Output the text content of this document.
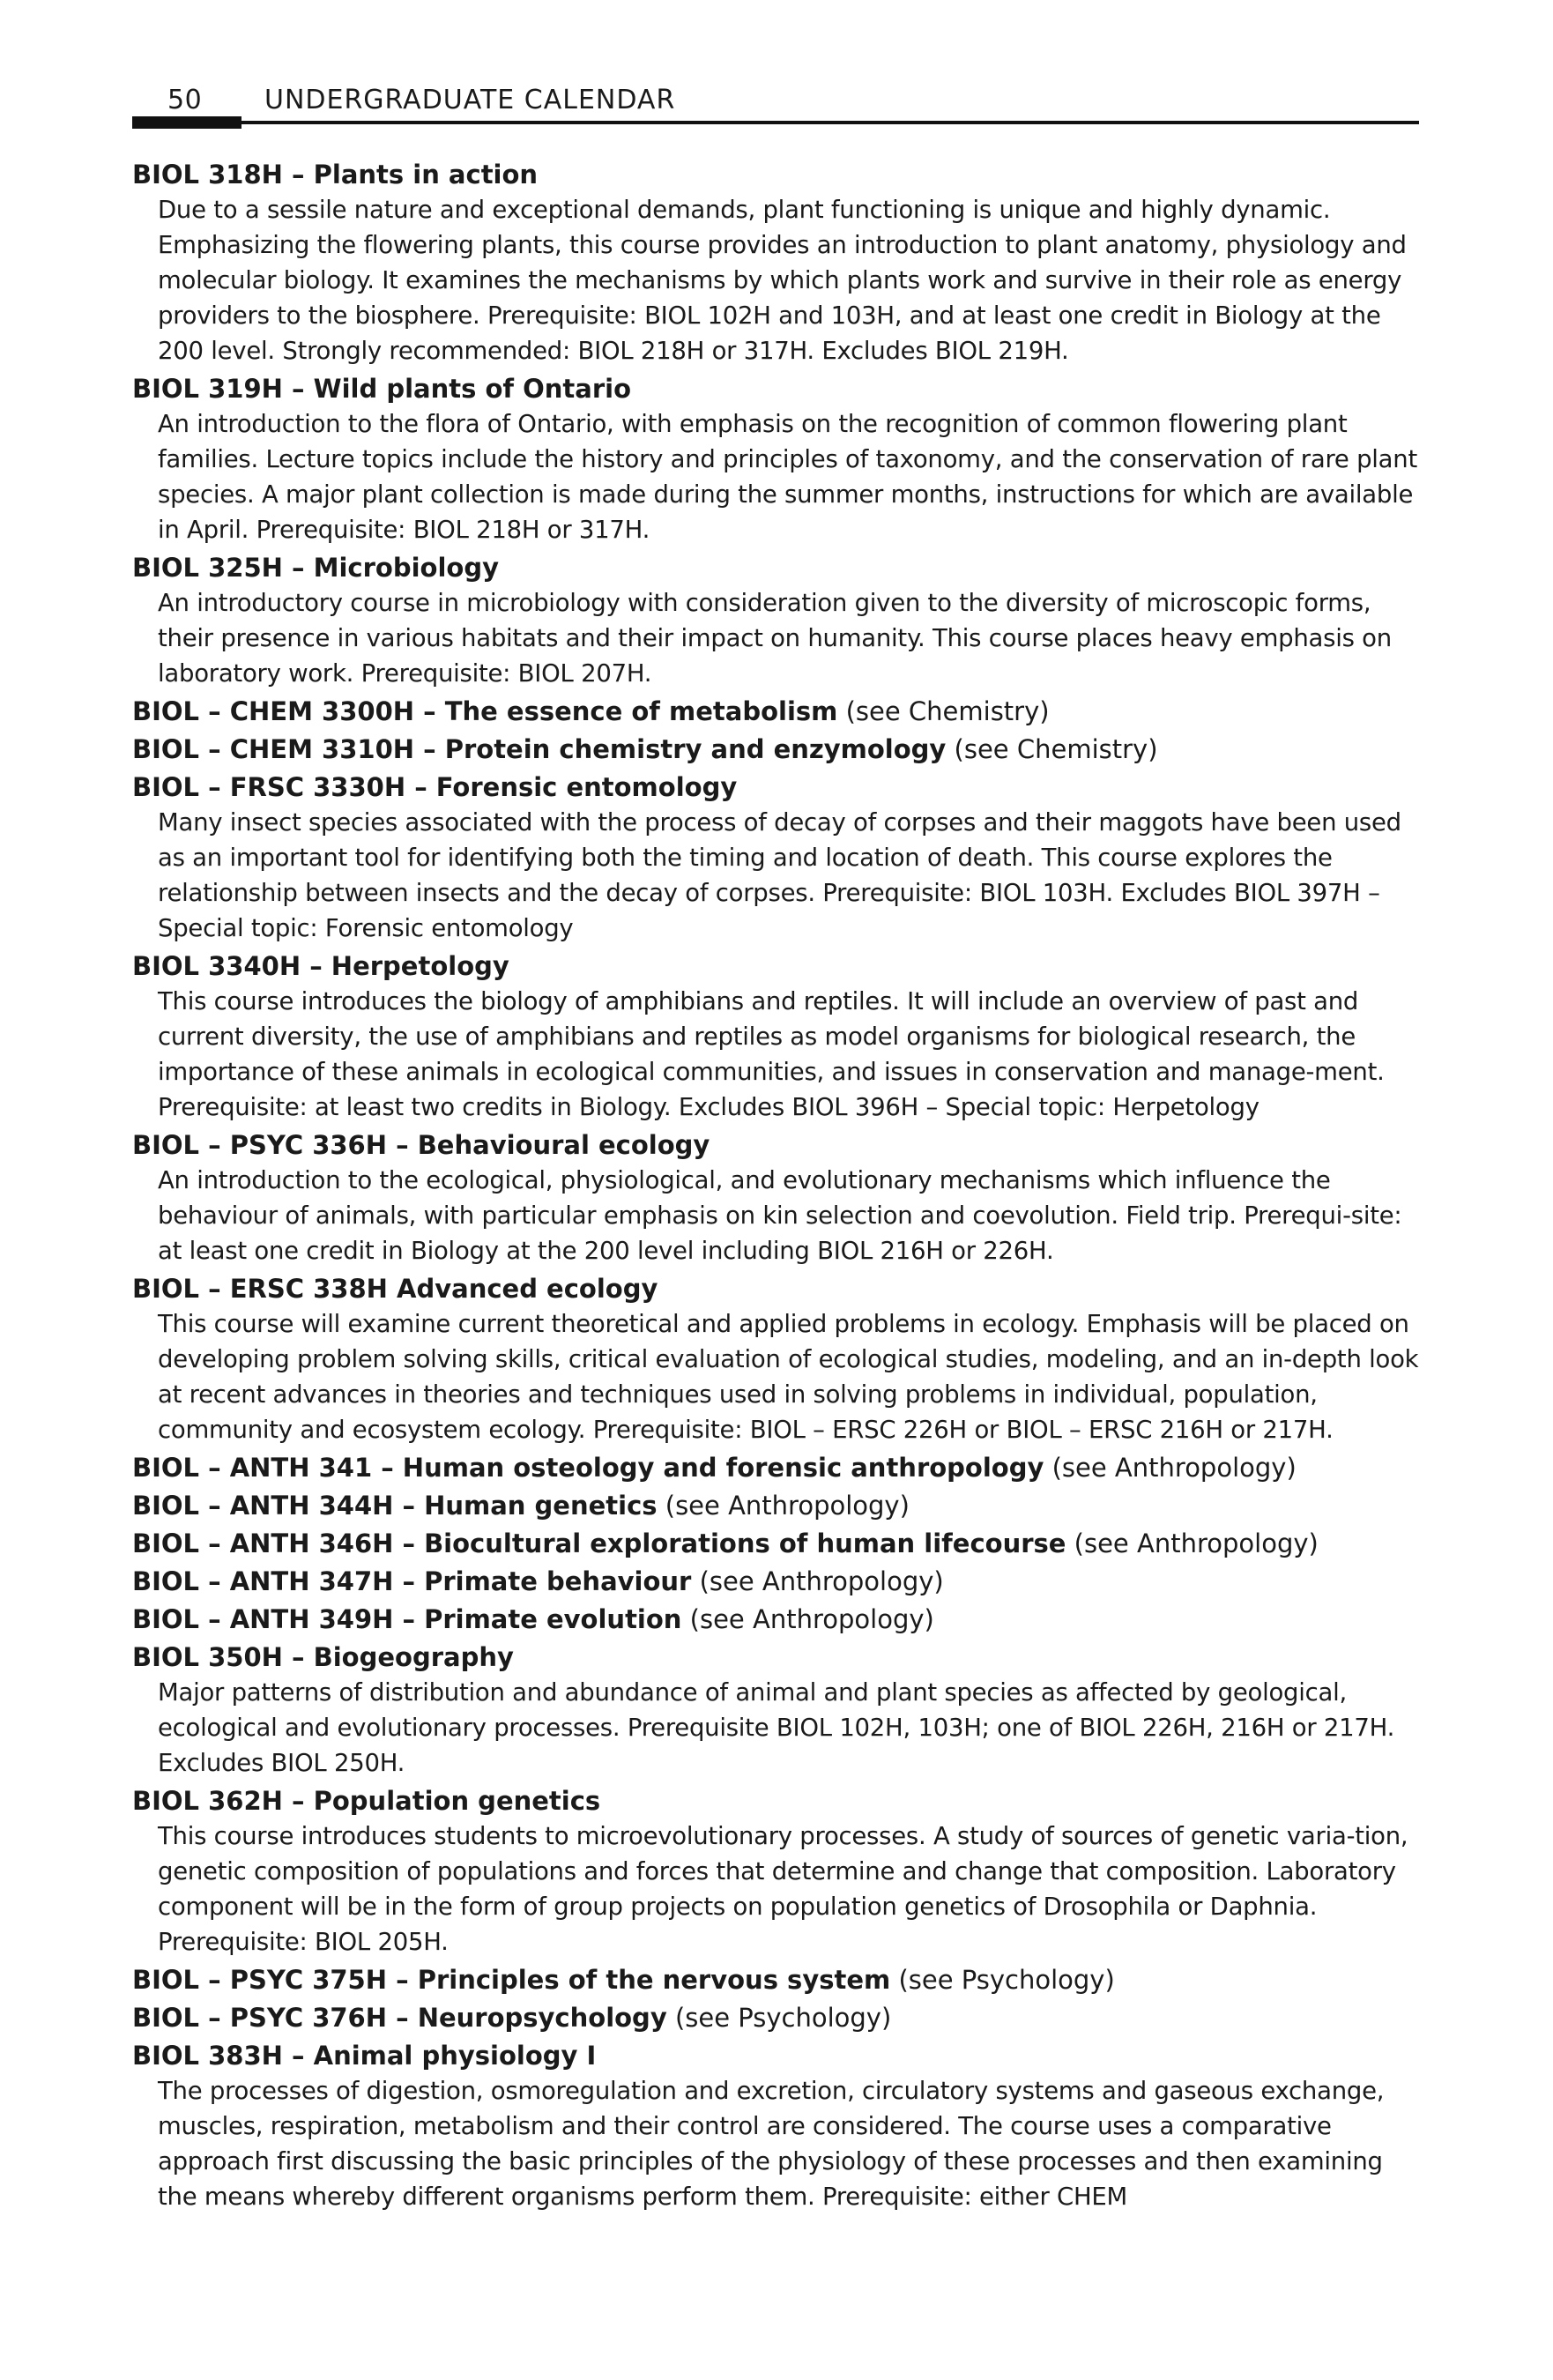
50 UNDERGRADUATE CALENDAR

BIOL 318H – Plants in action

Due to a sessile nature and exceptional demands, plant functioning is unique and highly dynamic. Emphasizing the flowering plants, this course provides an introduction to plant anatomy, physiology and molecular biology. It examines the mechanisms by which plants work and survive in their role as energy providers to the biosphere. Prerequisite: BIOL 102H and 103H, and at least one credit in Biology at the 200 level. Strongly recommended: BIOL 218H or 317H. Excludes BIOL 219H.

BIOL 319H – Wild plants of Ontario

An introduction to the flora of Ontario, with emphasis on the recognition of common flowering plant families. Lecture topics include the history and principles of taxonomy, and the conservation of rare plant species. A major plant collection is made during the summer months, instructions for which are available in April. Prerequisite: BIOL 218H or 317H.

BIOL 325H – Microbiology

An introductory course in microbiology with consideration given to the diversity of microscopic forms, their presence in various habitats and their impact on humanity. This course places heavy emphasis on laboratory work. Prerequisite: BIOL 207H.

BIOL – CHEM 3300H – The essence of metabolism (see Chemistry)

BIOL – CHEM 3310H – Protein chemistry and enzymology (see Chemistry)

BIOL – FRSC 3330H – Forensic entomology

Many insect species associated with the process of decay of corpses and their maggots have been used as an important tool for identifying both the timing and location of death. This course explores the relationship between insects and the decay of corpses. Prerequisite: BIOL 103H. Excludes BIOL 397H – Special topic: Forensic entomology

BIOL 3340H – Herpetology

This course introduces the biology of amphibians and reptiles. It will include an overview of past and current diversity, the use of amphibians and reptiles as model organisms for biological research, the importance of these animals in ecological communities, and issues in conservation and manage-ment. Prerequisite: at least two credits in Biology. Excludes BIOL 396H – Special topic: Herpetology

BIOL – PSYC 336H – Behavioural ecology

An introduction to the ecological, physiological, and evolutionary mechanisms which influence the behaviour of animals, with particular emphasis on kin selection and coevolution. Field trip. Prerequi-site: at least one credit in Biology at the 200 level including BIOL 216H or 226H.

BIOL – ERSC 338H Advanced ecology

This course will examine current theoretical and applied problems in ecology. Emphasis will be placed on developing problem solving skills, critical evaluation of ecological studies, modeling, and an in-depth look at recent advances in theories and techniques used in solving problems in individual, population, community and ecosystem ecology. Prerequisite: BIOL – ERSC 226H or BIOL – ERSC 216H or 217H.

BIOL – ANTH 341 – Human osteology and forensic anthropology (see Anthropology)

BIOL – ANTH 344H – Human genetics (see Anthropology)

BIOL – ANTH 346H – Biocultural explorations of human lifecourse (see Anthropology)

BIOL – ANTH 347H – Primate behaviour (see Anthropology)

BIOL – ANTH 349H – Primate evolution (see Anthropology)

BIOL 350H – Biogeography

Major patterns of distribution and abundance of animal and plant species as affected by geological, ecological and evolutionary processes. Prerequisite BIOL 102H, 103H; one of BIOL 226H, 216H or 217H. Excludes BIOL 250H.

BIOL 362H – Population genetics

This course introduces students to microevolutionary processes. A study of sources of genetic varia-tion, genetic composition of populations and forces that determine and change that composition. Laboratory component will be in the form of group projects on population genetics of Drosophila or Daphnia. Prerequisite: BIOL 205H.

BIOL – PSYC 375H – Principles of the nervous system (see Psychology)

BIOL – PSYC 376H – Neuropsychology (see Psychology)

BIOL 383H – Animal physiology I

The processes of digestion, osmoregulation and excretion, circulatory systems and gaseous exchange, muscles, respiration, metabolism and their control are considered. The course uses a comparative approach first discussing the basic principles of the physiology of these processes and then examining the means whereby different organisms perform them. Prerequisite: either CHEM
